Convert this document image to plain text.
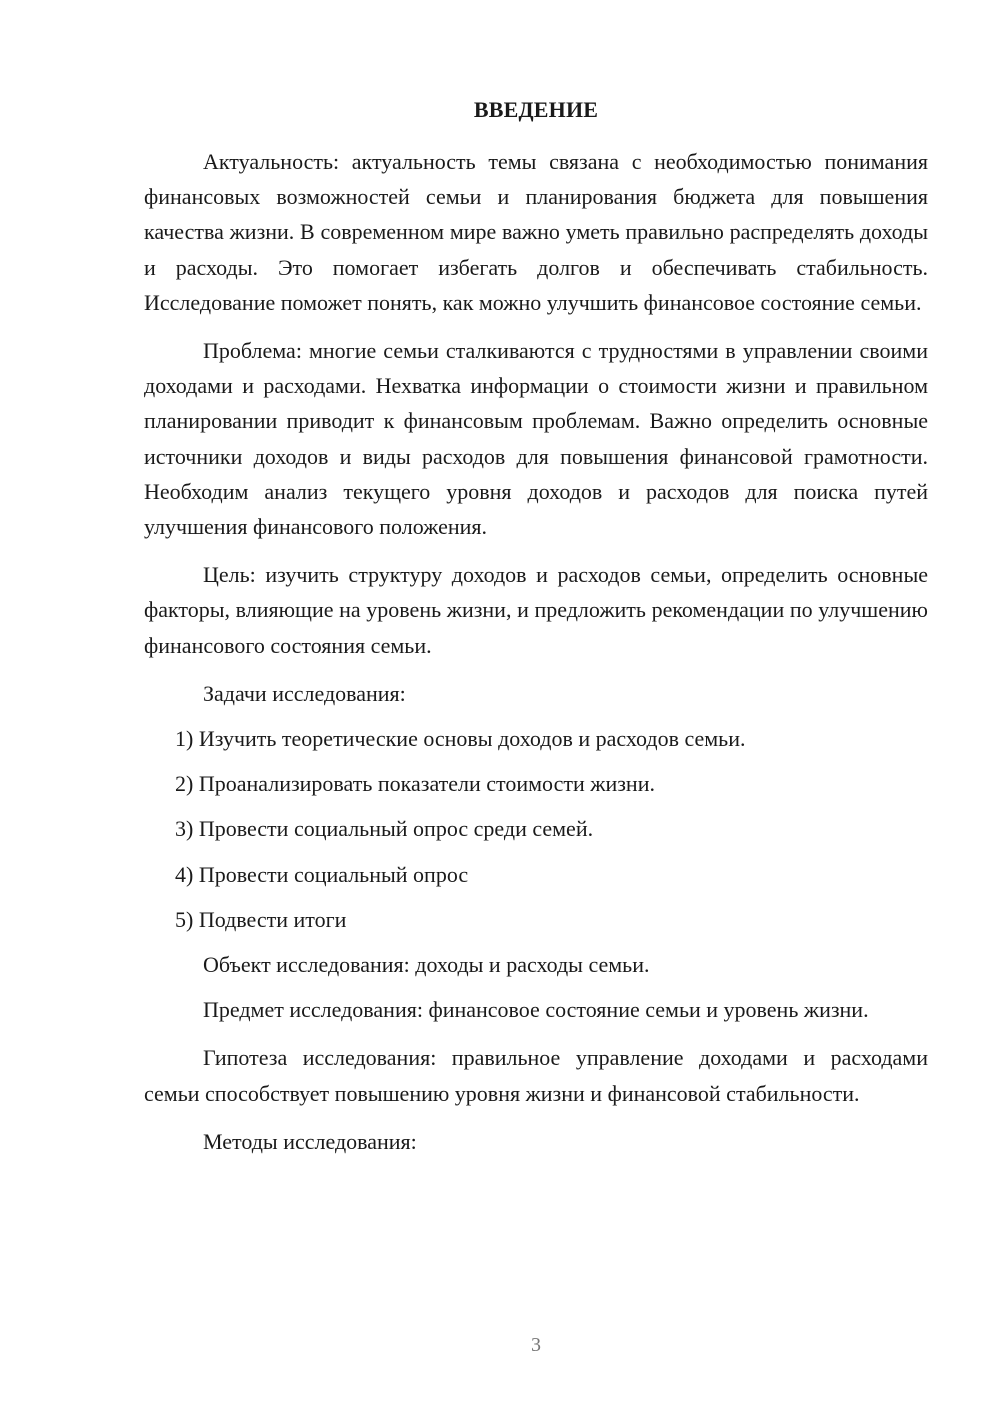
ВВЕДЕНИЕ

Актуальность: актуальность темы связана с необходимостью понимания финансовых возможностей семьи и планирования бюджета для повышения качества жизни. В современном мире важно уметь правильно распределять доходы и расходы. Это помогает избегать долгов и обеспечивать стабильность. Исследование поможет понять, как можно улучшить финансовое состояние семьи.

Проблема: многие семьи сталкиваются с трудностями в управлении своими доходами и расходами. Нехватка информации о стоимости жизни и правильном планировании приводит к финансовым проблемам. Важно определить основные источники доходов и виды расходов для повышения финансовой грамотности. Необходим анализ текущего уровня доходов и расходов для поиска путей улучшения финансового положения.

Цель: изучить структуру доходов и расходов семьи, определить основные факторы, влияющие на уровень жизни, и предложить рекомендации по улучшению финансового состояния семьи.

Задачи исследования:

1) Изучить теоретические основы доходов и расходов семьи.
2) Проанализировать показатели стоимости жизни.
3) Провести социальный опрос среди семей.
4) Провести социальный опрос
5) Подвести итоги

Объект исследования: доходы и расходы семьи.

Предмет исследования: финансовое состояние семьи и уровень жизни.

Гипотеза исследования: правильное управление доходами и расходами семьи способствует повышению уровня жизни и финансовой стабильности.

Методы исследования:

3
